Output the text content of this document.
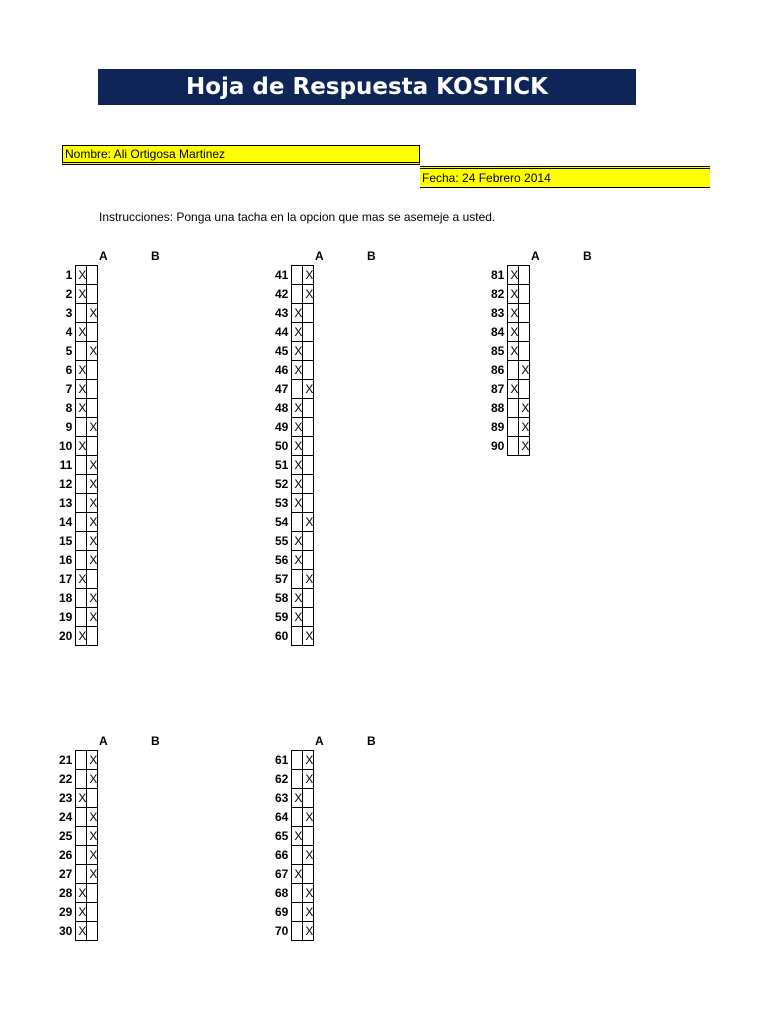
Hoja de Respuesta KOSTICK
Nombre: Ali Ortigosa Martinez
Fecha: 24 Febrero 2014
Instrucciones: Ponga una tacha en la opcion que mas se asemeje a usted.
A	B
1	X	
2	X	
3		X
4	X	
5		X
6	X	
7	X	
8	X	
9		X
10	X	
11		X
12		X
13		X
14		X
15		X
16		X
17	X	
18		X
19		X
20	X	
A	B
41		X
42		X
43	X	
44	X	
45	X	
46	X	
47		X
48	X	
49	X	
50	X	
51	X	
52	X	
53	X	
54		X
55	X	
56	X	
57		X
58	X	
59	X	
60		X
A	B
81	X	
82	X	
83	X	
84	X	
85	X	
86		X
87	X	
88		X
89		X
90		X
A	B
21		X
22		X
23	X	
24		X
25		X
26		X
27		X
28	X	
29	X	
30	X	
A	B
61		X
62		X
63	X	
64		X
65	X	
66		X
67	X	
68		X
69		X
70		X
